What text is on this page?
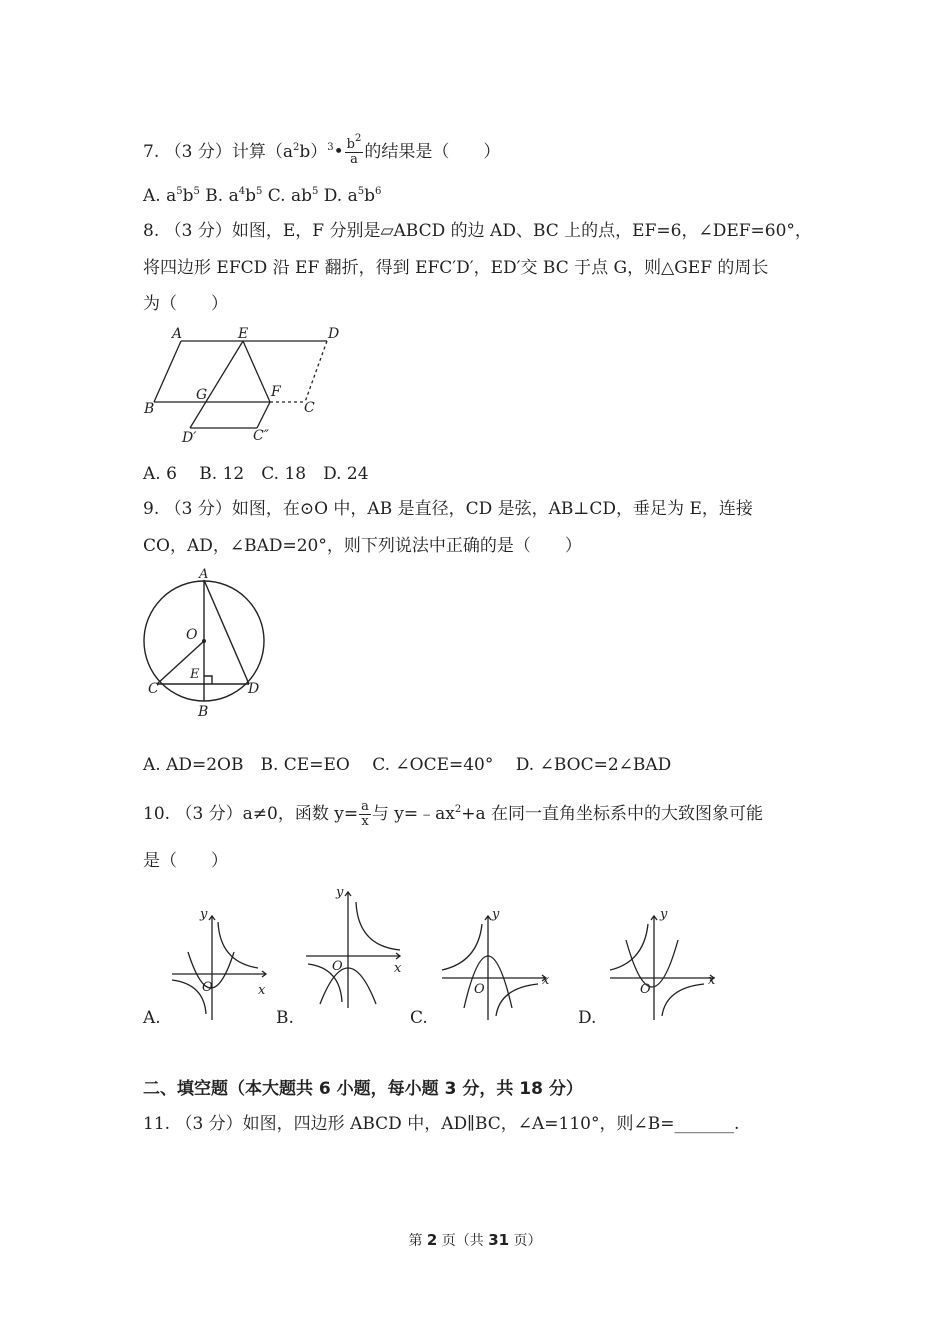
7. （3 分）计算$(a^2b)^3• \frac{b^2}{a}$ 的结果是（　　）
A. $a^5b^5$ B. $a^4b^5$ C. $ab^5$ D. $a^5b^6$
8. （3 分）如图，E，F 分别是▱ABCD 的边 AD、BC 上的点，EF=6，∠DEF=60°，
将四边形 EFCD 沿 EF 翻折，得到 EFC′D′，ED′交 BC 于点 G，则△GEF 的周长
为（　　）
A	E	D
B
G	F
C
D′	C″
A. 6　 B. 12　C. 18　D. 24
9. （3 分）如图，在⊙O 中，AB 是直径，CD 是弦，AB⊥CD，垂足为 E，连接
CO，AD，∠BAD=20°，则下列说法中正确的是（　　）
A
O
E
C	D
B
A. AD=2OB　B. CE=EO　 C. ∠OCE=40°　 D. ∠BOC=2∠BAD
10. （3 分）a≠0，函数 $y= \frac{a}{x}$ 与 $y=﹣ax^2+a$ 在同一直角坐标系中的大致图象可能
是（　　）
y
x
O
A.
y
x
O
B.
y
x
O
C.
y
x
O
D.
二、填空题（本大题共 6 小题，每小题 3 分，共 18 分）
11. （3 分）如图，四边形 ABCD 中，AD∥BC，∠A=110°，则∠B=_______.
第 2 页（共 31 页）
